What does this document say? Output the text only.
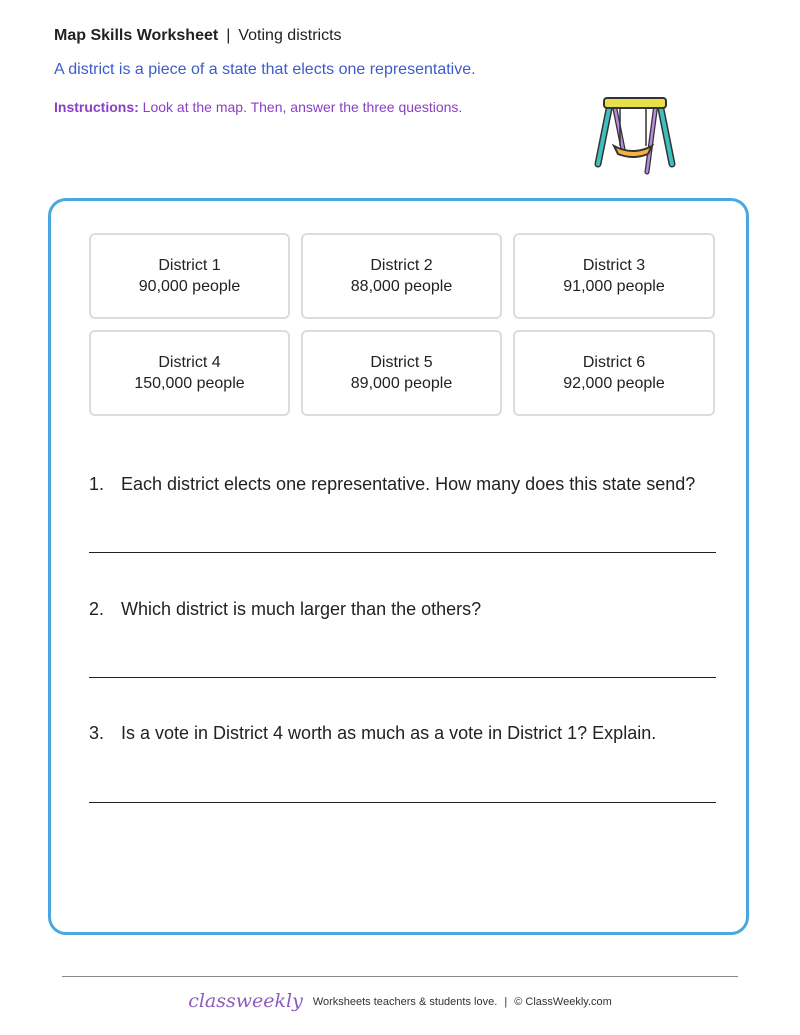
Map Skills Worksheet | Voting districts
A district is a piece of a state that elects one representative.
Instructions: Look at the map. Then, answer the three questions.
District 1
90,000 people
District 2
88,000 people
District 3
91,000 people
District 4
150,000 people
District 5
89,000 people
District 6
92,000 people
1. Each district elects one representative. How many does this state send?
2. Which district is much larger than the others?
3. Is a vote in District 4 worth as much as a vote in District 1? Explain.
classweekly Worksheets teachers & students love. | © ClassWeekly.com
